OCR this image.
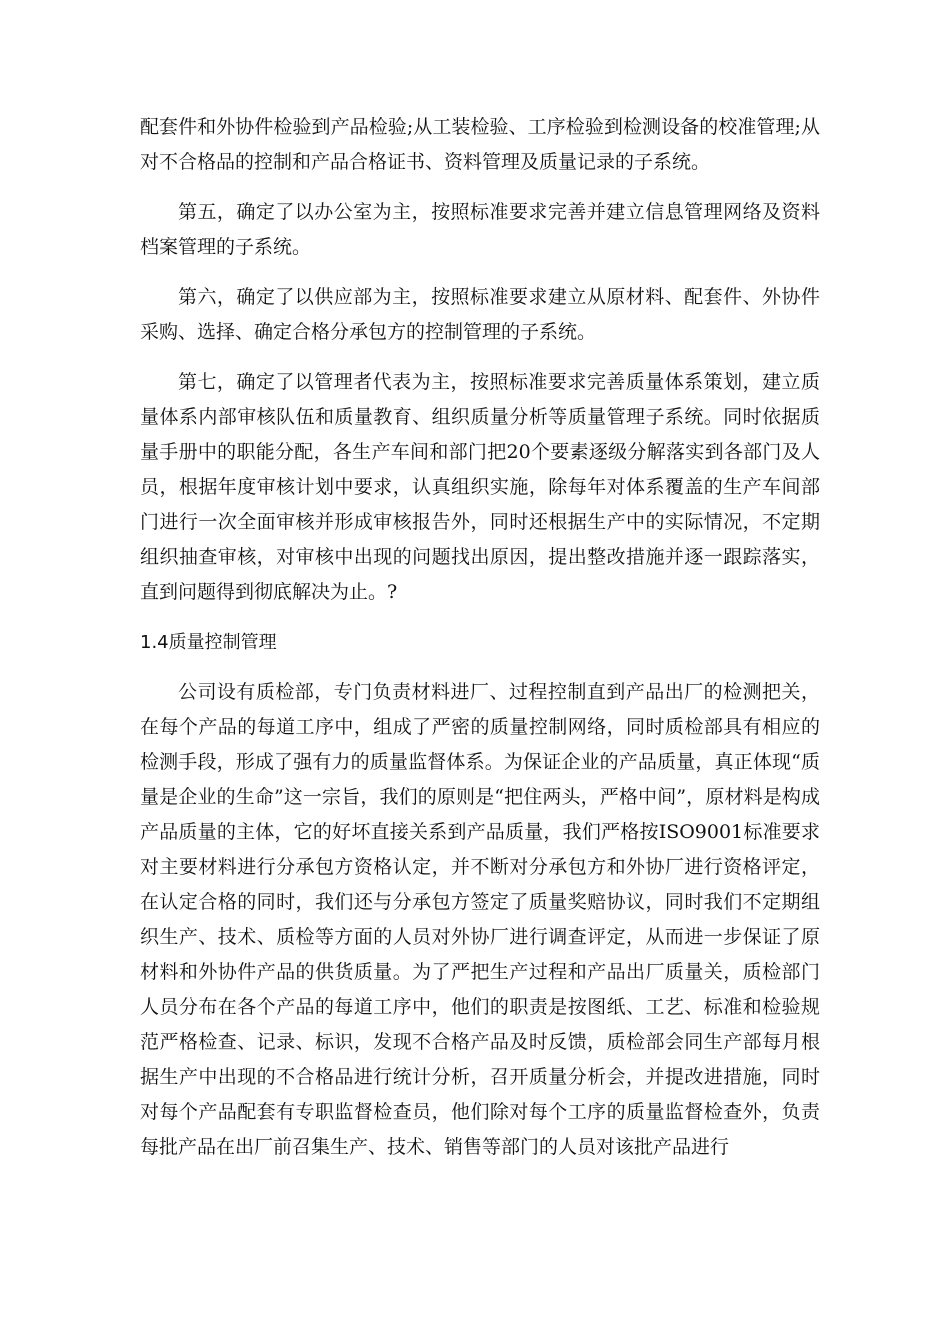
配套件和外协件检验到产品检验;从工装检验、工序检验到检测设备的校准管理;从对不合格品的控制和产品合格证书、资料管理及质量记录的子系统。

第五，确定了以办公室为主，按照标准要求完善并建立信息管理网络及资料档案管理的子系统。

第六，确定了以供应部为主，按照标准要求建立从原材料、配套件、外协件采购、选择、确定合格分承包方的控制管理的子系统。

第七，确定了以管理者代表为主，按照标准要求完善质量体系策划，建立质量体系内部审核队伍和质量教育、组织质量分析等质量管理子系统。同时依据质量手册中的职能分配，各生产车间和部门把20个要素逐级分解落实到各部门及人员，根据年度审核计划中要求，认真组织实施，除每年对体系覆盖的生产车间部门进行一次全面审核并形成审核报告外，同时还根据生产中的实际情况，不定期组织抽查审核，对审核中出现的问题找出原因，提出整改措施并逐一跟踪落实，直到问题得到彻底解决为止。?

1.4质量控制管理

公司设有质检部，专门负责材料进厂、过程控制直到产品出厂的检测把关，在每个产品的每道工序中，组成了严密的质量控制网络，同时质检部具有相应的检测手段，形成了强有力的质量监督体系。为保证企业的产品质量，真正体现“质量是企业的生命”这一宗旨，我们的原则是“把住两头，严格中间”，原材料是构成产品质量的主体，它的好坏直接关系到产品质量，我们严格按ISO9001标准要求对主要材料进行分承包方资格认定，并不断对分承包方和外协厂进行资格评定，在认定合格的同时，我们还与分承包方签定了质量奖赔协议，同时我们不定期组织生产、技术、质检等方面的人员对外协厂进行调查评定，从而进一步保证了原材料和外协件产品的供货质量。为了严把生产过程和产品出厂质量关，质检部门人员分布在各个产品的每道工序中，他们的职责是按图纸、工艺、标准和检验规范严格检查、记录、标识，发现不合格产品及时反馈，质检部会同生产部每月根据生产中出现的不合格品进行统计分析，召开质量分析会，并提改进措施，同时对每个产品配套有专职监督检查员，他们除对每个工序的质量监督检查外，负责每批产品在出厂前召集生产、技术、销售等部门的人员对该批产品进行
